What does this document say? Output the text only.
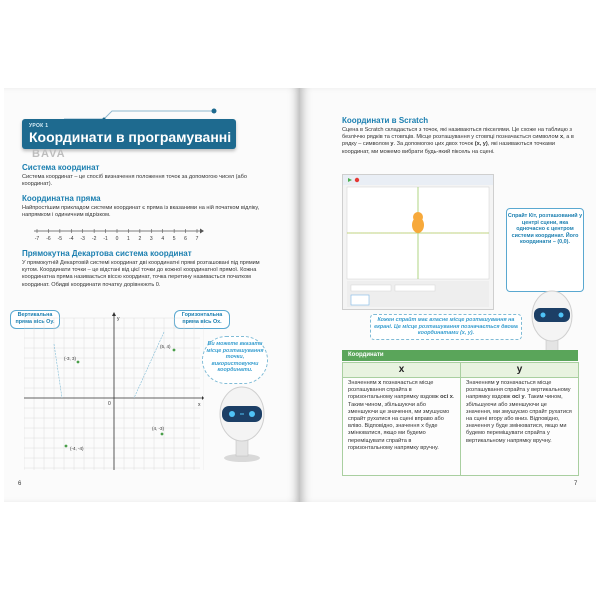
УРОК 1
Координати в програмуванні
BAVA
Система координат
Система координат – це спосіб визначення положення точок за допомогою чисел (або координат).
Координатна пряма
Найпростішим прикладом системи координат є пряма із вказаними на ній початком відліку, напрямком і одиничним відрізком.
-7 -6 -5 -4 -3 -2 -1 0 1 2 3 4 5 6 7
Прямокутна Декартова система координат
У прямокутній Декартовій системі координат дві координатні прямі розташовані під прямим кутом. Координати точки – це відстані від цієї точки до кожної координатної прямої. Кожна координатна пряма називається віссю координат, точка перетину називається початком координат. Обидві координати початку дорівнюють 0.
Вертикальна пряма вісь Oy.
Горизонтальна пряма вісь Ox.
x
y
0
(-3, 3)
(5, 4)
(-4, -4)
(4, -3)
Ви можете вказати місце розташування точки, використовуючи координати.
6
Координати в Scratch
Сцена в Scratch складається з точок, які називаються пікселями. Це схоже на таблицю з безліччю рядків та стовпців. Місце розташування у стовпці позначається символом x, а в рядку – символом y. За допомогою цих двох точок (x, y), які називаються точками координат, ми можемо вибрати будь-який піксель на сцені.
Спрайт Кіт, розташований у центрі сцени, яка одночасно є центром системи координат. Його координати – (0,0).
Кожен спрайт має власне місце розташування на екрані. Це місце розташування позначається двома координатами (x, y).
Координати
x
Значенням x позначається місце розташування спрайта в горизонтальному напрямку вздовж осі x. Таким чином, збільшуючи або зменшуючи це значення, ми змушуємо спрайт рухатися на сцені вправо або вліво. Відповідно, значення x буде змінюватися, якщо ми будемо переміщувати спрайта в горизонтальному напрямку вручну.
y
Значенням y позначається місце розташування спрайта у вертикальному напрямку вздовж осі y. Таким чином, збільшуючи або зменшуючи це значення, ми змушуємо спрайт рухатися на сцені вгору або вниз. Відповідно, значення y буде змінюватися, якщо ми будемо переміщувати спрайта у вертикальному напрямку вручну.
7
